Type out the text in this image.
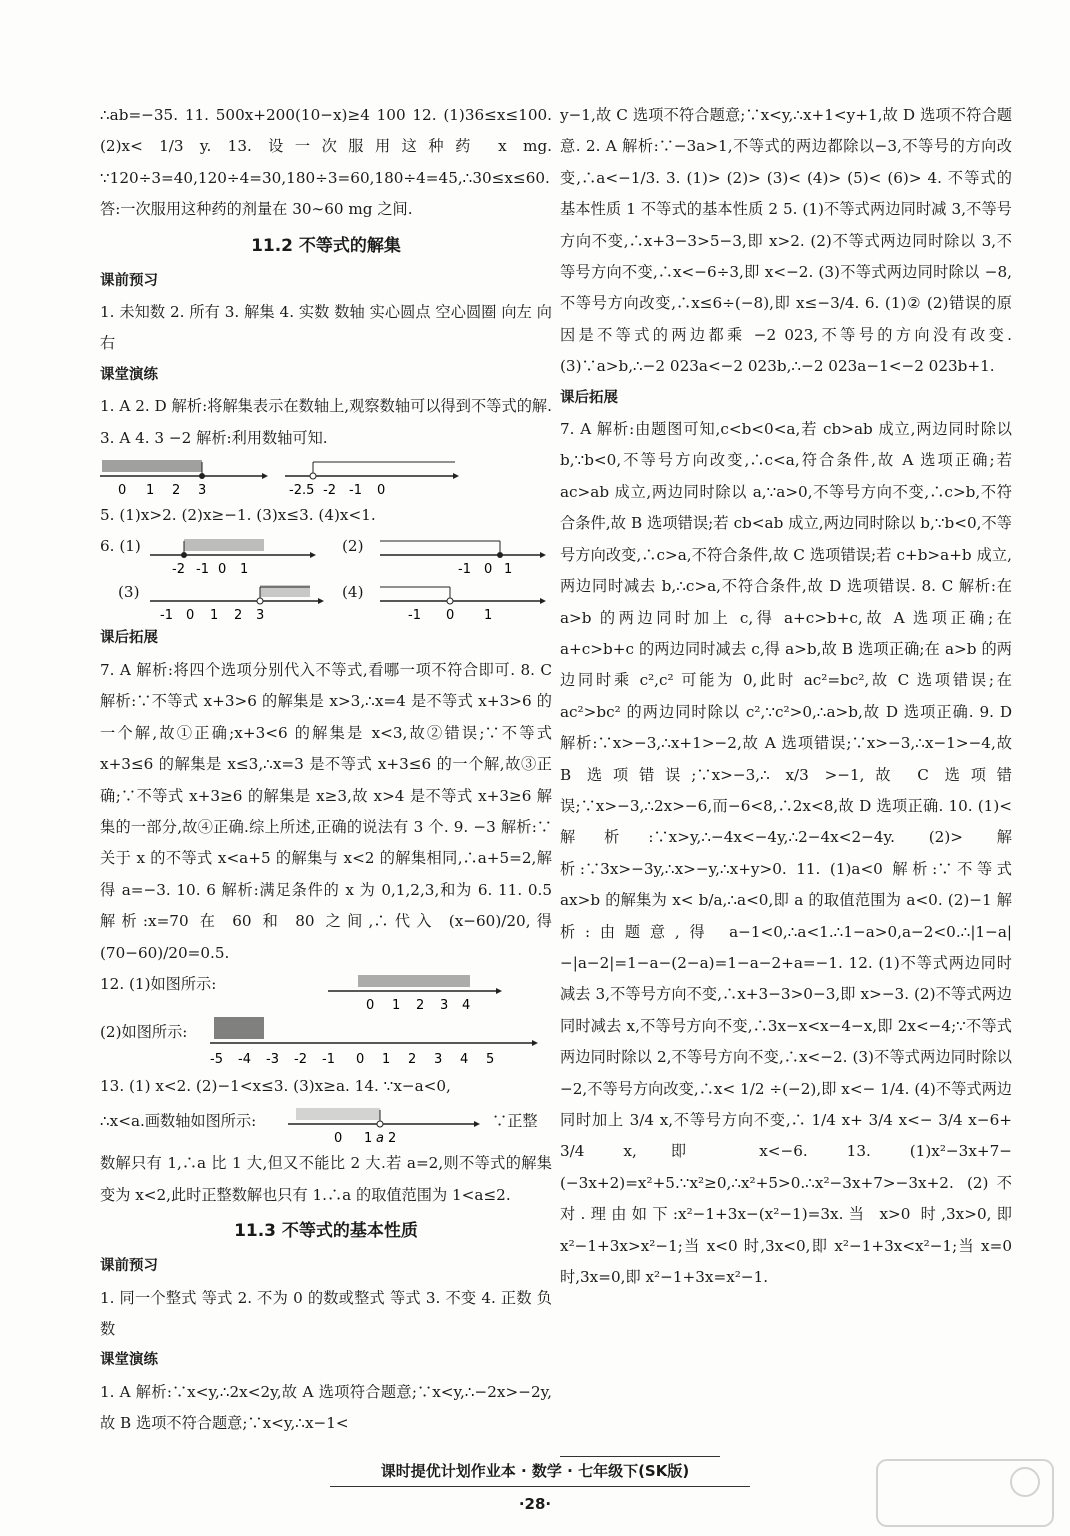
∴ab=−35. 11. 500x+200(10−x)≥4 100 12. (1)36≤x≤100. (2)x< 1/3 y. 13. 设一次服用这种药 x mg. ∵120÷3=40,120÷4=30,180÷3=60,180÷4=45,∴30≤x≤60.答:一次服用这种药的剂量在 30∼60 mg 之间.

11.2 不等式的解集
课前预习

1. 未知数 2. 所有 3. 解集 4. 实数 数轴 实心圆点 空心圆圈 向左 向右

课堂演练

1. A 2. D 解析:将解集表示在数轴上,观察数轴可以得到不等式的解. 3. A 4. 3 −2 解析:利用数轴可知.

0 1 2 3	-2.5 -2 -1 0

5. (1)x>2. (2)x≥−1. (3)x≤3. (4)x<1.

6. (1)
-2 -1 0 1
(2)
-1 0 1
(3)
-1 0 1 2 3
(4)
-1 0 1
课后拓展

7. A 解析:将四个选项分别代入不等式,看哪一项不符合即可. 8. C 解析:∵不等式 x+3>6 的解集是 x>3,∴x=4 是不等式 x+3>6 的一个解,故①正确;x+3<6 的解集是 x<3,故②错误;∵不等式 x+3≤6 的解集是 x≤3,∴x=3 是不等式 x+3≤6 的一个解,故③正确;∵不等式 x+3≥6 的解集是 x≥3,故 x>4 是不等式 x+3≥6 解集的一部分,故④正确.综上所述,正确的说法有 3 个. 9. −3 解析:∵关于 x 的不等式 x<a+5 的解集与 x<2 的解集相同,∴a+5=2,解得 a=−3. 10. 6 解析:满足条件的 x 为 0,1,2,3,和为 6. 11. 0.5 解析:x=70 在 60 和 80 之间,∴代入 (x−60)/20,得 (70−60)/20=0.5.

12. (1)如图所示:
0 1 2 3 4
(2)如图所示:
-5 -4 -3 -2 -1 0 1 2 3 4 5

13. (1) x<2. (2)−1<x≤3. (3)x≥a. 14. ∵x−a<0,

∴x<a.画数轴如图所示:
0 1 a 2
∵正整

数解只有 1,∴a 比 1 大,但又不能比 2 大.若 a=2,则不等式的解集变为 x<2,此时正整数解也只有 1.∴a 的取值范围为 1<a≤2.

11.3 不等式的基本性质
课前预习

1. 同一个整式 等式 2. 不为 0 的数或整式 等式 3. 不变 4. 正数 负数

课堂演练

1. A 解析:∵x<y,∴2x<2y,故 A 选项符合题意;∵x<y,∴−2x>−2y,故 B 选项不符合题意;∵x<y,∴x−1<

y−1,故 C 选项不符合题意;∵x<y,∴x+1<y+1,故 D 选项不符合题意. 2. A 解析:∵−3a>1,不等式的两边都除以−3,不等号的方向改变,∴a<−1/3. 3. (1)> (2)> (3)< (4)> (5)< (6)> 4. 不等式的基本性质 1 不等式的基本性质 2 5. (1)不等式两边同时减 3,不等号方向不变,∴x+3−3>5−3,即 x>2. (2)不等式两边同时除以 3,不等号方向不变,∴x<−6÷3,即 x<−2. (3)不等式两边同时除以 −8,不等号方向改变,∴x≤6÷(−8),即 x≤−3/4. 6. (1)② (2)错误的原因是不等式的两边都乘 −2 023,不等号的方向没有改变. (3)∵a>b,∴−2 023a<−2 023b,∴−2 023a−1<−2 023b+1.

课后拓展

7. A 解析:由题图可知,c<b<0<a,若 cb>ab 成立,两边同时除以 b,∵b<0,不等号方向改变,∴c<a,符合条件,故 A 选项正确;若 ac>ab 成立,两边同时除以 a,∵a>0,不等号方向不变,∴c>b,不符合条件,故 B 选项错误;若 cb<ab 成立,两边同时除以 b,∵b<0,不等号方向改变,∴c>a,不符合条件,故 C 选项错误;若 c+b>a+b 成立,两边同时减去 b,∴c>a,不符合条件,故 D 选项错误. 8. C 解析:在 a>b 的两边同时加上 c,得 a+c>b+c,故 A 选项正确;在 a+c>b+c 的两边同时减去 c,得 a>b,故 B 选项正确;在 a>b 的两边同时乘 c²,c² 可能为 0,此时 ac²=bc²,故 C 选项错误;在 ac²>bc² 的两边同时除以 c²,∵c²>0,∴a>b,故 D 选项正确. 9. D 解析:∵x>−3,∴x+1>−2,故 A 选项错误;∵x>−3,∴x−1>−4,故 B 选项错误;∵x>−3,∴ x/3 >−1,故 C 选项错误;∵x>−3,∴2x>−6,而−6<8,∴2x<8,故 D 选项正确. 10. (1)< 解析:∵x>y,∴−4x<−4y,∴2−4x<2−4y. (2)> 解析:∵3x>−3y,∴x>−y,∴x+y>0. 11. (1)a<0 解析:∵不等式 ax>b 的解集为 x< b/a,∴a<0,即 a 的取值范围为 a<0. (2)−1 解析:由题意,得 a−1<0,∴a<1.∴1−a>0,a−2<0.∴|1−a|−|a−2|=1−a−(2−a)=1−a−2+a=−1. 12. (1)不等式两边同时减去 3,不等号方向不变,∴x+3−3>0−3,即 x>−3. (2)不等式两边同时减去 x,不等号方向不变,∴3x−x<x−4−x,即 2x<−4;∵不等式两边同时除以 2,不等号方向不变,∴x<−2. (3)不等式两边同时除以 −2,不等号方向改变,∴x< 1/2 ÷(−2),即 x<− 1/4. (4)不等式两边同时加上 3/4 x,不等号方向不变,∴ 1/4 x+ 3/4 x<− 3/4 x−6+ 3/4 x,即 x<−6. 13. (1)x²−3x+7−(−3x+2)=x²+5.∵x²≥0,∴x²+5>0.∴x²−3x+7>−3x+2. (2)不对.理由如下:x²−1+3x−(x²−1)=3x.当 x>0 时,3x>0,即 x²−1+3x>x²−1;当 x<0 时,3x<0,即 x²−1+3x<x²−1;当 x=0 时,3x=0,即 x²−1+3x=x²−1.

课时提优计划作业本 · 数学 · 七年级下(SK版)
·28·
